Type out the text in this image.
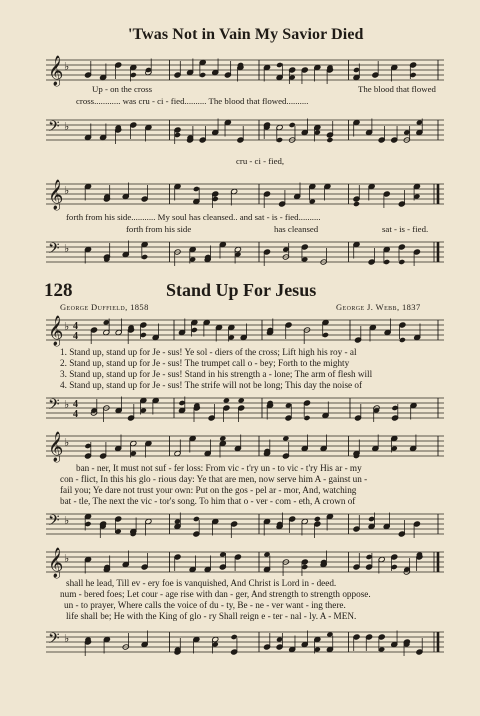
'Twas Not in Vain My Savior Died
𝄞 ♭
cross............ was cru - ci - fied.......... The blood that flowed..........
Up - on the cross	The blood that flowed
𝄢 ♭
cru - ci - fied,
𝄞 ♭
forth from his side........... My soul has cleansed.. and sat - is - fied..........
forth from his side	has cleansed	sat - is - fied.
𝄢 ♭
128	Stand Up For Jesus
George Duffield, 1858	George J. Webb, 1837
𝄞 ♭ 4
4
1. Stand up, stand up for Je - sus! Ye sol - diers of the cross; Lift high his roy - al
2. Stand up, stand up for Je - sus! The trumpet call o - bey; Forth to the mighty
3. Stand up, stand up for Je - sus! Stand in his strength a - lone; The arm of flesh will
4. Stand up, stand up for Je - sus! The strife will not be long; This day the noise of
𝄢 ♭ 4
4
𝄞 ♭
ban - ner, It must not suf - fer loss: From vic - t'ry un - to vic - t'ry His ar - my
con - flict, In this his glo - rious day: Ye that are men, now serve him A - gainst un -
fail you; Ye dare not trust your own: Put on the gos - pel ar - mor, And, watching
bat - tle, The next the vic - tor's song. To him that o - ver - com - eth, A crown of
𝄢 ♭
𝄞 ♭
shall he lead, Till ev - ery foe is vanquished, And Christ is Lord in - deed.
num - bered foes; Let cour - age rise with dan - ger, And strength to strength oppose.
un - to prayer, Where calls the voice of du - ty, Be - ne - ver want - ing there.
life shall be; He with the King of glo - ry Shall reign e - ter - nal - ly. A - MEN.
𝄢 ♭
